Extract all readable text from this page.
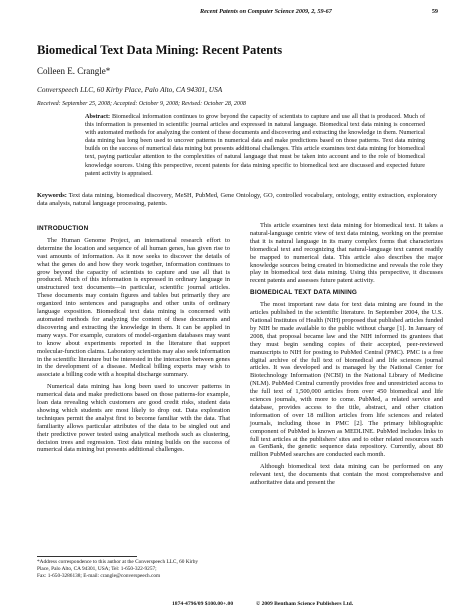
Recent Patents on Computer Science 2009, 2, 59-67	59
Biomedical Text Data Mining: Recent Patents
Colleen E. Crangle*
Converspeech LLC, 60 Kirby Place, Palo Alto, CA 94301, USA
Received: September 25, 2008; Accepted: October 9, 2008; Revised: October 28, 2008
Abstract: Biomedical information continues to grow beyond the capacity of scientists to capture and use all that is produced. Much of this information is presented in scientific journal articles and expressed in natural language. Biomedical text data mining is concerned with automated methods for analyzing the content of these documents and discovering and extracting the knowledge in them. Numerical data mining has long been used to uncover patterns in numerical data and make predictions based on those patterns. Text data mining builds on the success of numerical data mining but presents additional challenges. This article examines text data mining for biomedical text, paying particular attention to the complexities of natural language that must be taken into account and to the role of biomedical knowledge sources. Using this perspective, recent patents for data mining specific to biomedical text are discussed and expected future patent activity is appraised.
Keywords: Text data mining, biomedical discovery, MeSH, PubMed, Gene Ontology, GO, controlled vocabulary, ontology, entity extraction, exploratory data analysis, natural language processing, patents.
INTRODUCTION

The Human Genome Project, an international research effort to determine the location and sequence of all human genes, has given rise to vast amounts of information. As it now seeks to discover the details of what the genes do and how they work together, information continues to grow beyond the capacity of scientists to capture and use all that is produced. Much of this information is expressed in ordinary language in unstructured text documents—in particular, scientific journal articles. These documents may contain figures and tables but primarily they are organized into sentences and paragraphs and other units of ordinary language exposition. Biomedical text data mining is concerned with automated methods for analyzing the content of these documents and discovering and extracting the knowledge in them. It can be applied in many ways. For example, curators of model-organism databases may want to know about experiments reported in the literature that support molecular-function claims. Laboratory scientists may also seek information in the scientific literature but be interested in the interaction between genes in the development of a disease. Medical billing experts may wish to associate a billing code with a hospital discharge summary.

Numerical data mining has long been used to uncover patterns in numerical data and make predictions based on those patterns-for example, loan data revealing which customers are good credit risks, student data showing which students are most likely to drop out. Data exploration techniques permit the analyst first to become familiar with the data. That familiarity allows particular attributes of the data to be singled out and their predictive power tested using analytical methods such as clustering, decision trees and regression. Text data mining builds on the success of numerical data mining but presents additional challenges.

This article examines text data mining for biomedical text. It takes a natural-language centric view of text data mining, working on the premise that it is natural language in its many complex forms that characterizes biomedical text and recognizing that natural-language text cannot readily be mapped to numerical data. This article also describes the major knowledge sources being created in biomedicine and reveals the role they play in biomedical text data mining. Using this perspective, it discusses recent patents and assesses future patent activity.

BIOMEDICAL TEXT DATA MINING

The most important raw data for text data mining are found in the articles published in the scientific literature. In September 2004, the U.S. National Institutes of Health (NIH) proposed that published articles funded by NIH be made available to the public without charge [1]. In January of 2008, that proposal became law and the NIH informed its grantees that they must begin sending copies of their accepted, peer-reviewed manuscripts to NIH for posting to PubMed Central (PMC). PMC is a free digital archive of the full text of biomedical and life sciences journal articles. It was developed and is managed by the National Center for Biotechnology Information (NCBI) in the National Library of Medicine (NLM). PubMed Central currently provides free and unrestricted access to the full text of 1,500,000 articles from over 450 biomedical and life sciences journals, with more to come. PubMed, a related service and database, provides access to the title, abstract, and other citation information of over 18 million articles from life sciences and related journals, including those in PMC [2]. The primary bibliographic component of PubMed is known as MEDLINE. PubMed includes links to full text articles at the publishers' sites and to other related resources such as GenBank, the genetic sequence data repository. Currently, about 80 million PubMed searches are conducted each month.

Although biomedical text data mining can be performed on any relevant text, the documents that contain the most comprehensive and authoritative data and present the

*Address correspondence to this author at the Converspeech LLC, 60 Kirby
Place, Palo Alto, CA 94301, USA; Tel: 1-650-322-9257;
Fax: 1-650-3286138; E-mail: crangle@converspeech.com
1874-4796/09 $100.00+.00	© 2009 Bentham Science Publishers Ltd.
